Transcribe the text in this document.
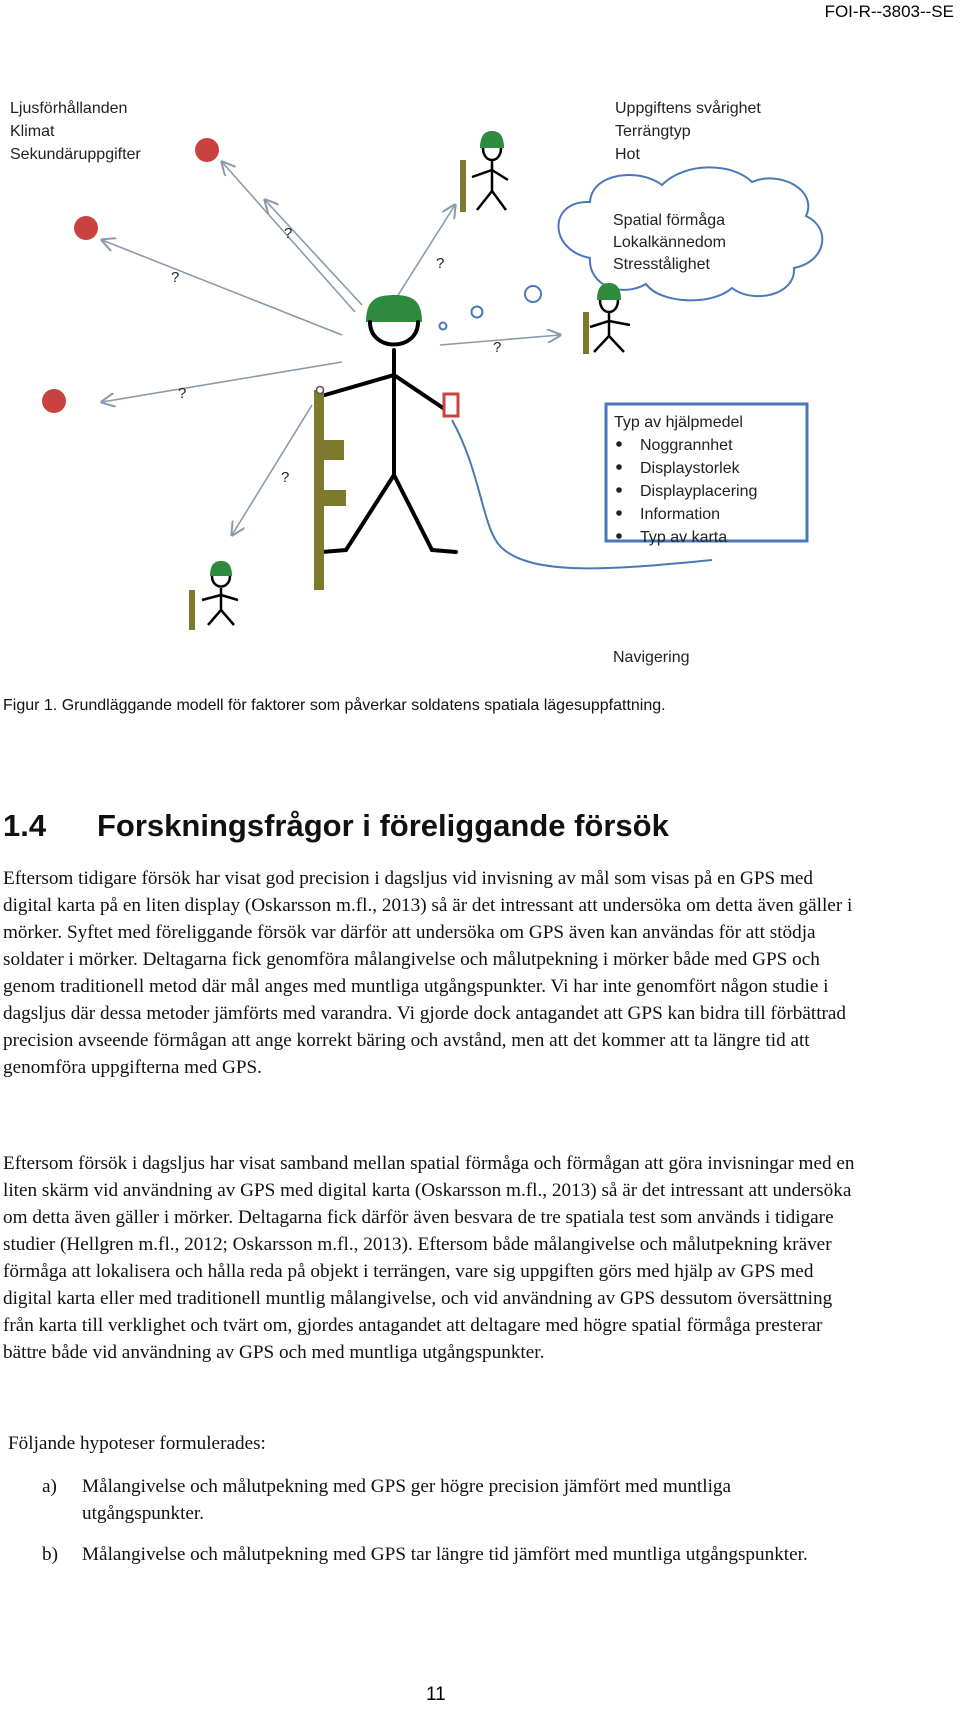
FOI-R--3803--SE
Ljusförhållanden
Klimat
Sekundäruppgifter
Uppgiftens svårighet
Terrängtyp
Hot
Spatial förmåga
Lokalkännedom
Stresstålighet
?
?
?
?
?
?
Typ av hjälpmedel
Noggrannhet
Displaystorlek
Displayplacering
Information
Typ av karta
Navigering
Figur 1. Grundläggande modell för faktorer som påverkar soldatens spatiala lägesuppfattning.
1.4 Forskningsfrågor i föreliggande försök

Eftersom tidigare försök har visat god precision i dagsljus vid invisning av mål som visas på en GPS med digital karta på en liten display (Oskarsson m.fl., 2013) så är det intressant att undersöka om detta även gäller i mörker. Syftet med föreliggande försök var därför att undersöka om GPS även kan användas för att stödja soldater i mörker. Deltagarna fick genomföra målangivelse och målutpekning i mörker både med GPS och genom traditionell metod där mål anges med muntliga utgångspunkter. Vi har inte genomfört någon studie i dagsljus där dessa metoder jämförts med varandra. Vi gjorde dock antagandet att GPS kan bidra till förbättrad precision avseende förmågan att ange korrekt bäring och avstånd, men att det kommer att ta längre tid att genomföra uppgifterna med GPS.

Eftersom försök i dagsljus har visat samband mellan spatial förmåga och förmågan att göra invisningar med en liten skärm vid användning av GPS med digital karta (Oskarsson m.fl., 2013) så är det intressant att undersöka om detta även gäller i mörker. Deltagarna fick därför även besvara de tre spatiala test som används i tidigare studier (Hellgren m.fl., 2012; Oskarsson m.fl., 2013). Eftersom både målangivelse och målutpekning kräver förmåga att lokalisera och hålla reda på objekt i terrängen, vare sig uppgiften görs med hjälp av GPS med digital karta eller med traditionell muntlig målangivelse, och vid användning av GPS dessutom översättning från karta till verklighet och tvärt om, gjordes antagandet att deltagare med högre spatial förmåga presterar bättre både vid användning av GPS och med muntliga utgångspunkter.

Följande hypoteser formulerades:

a) Målangivelse och målutpekning med GPS ger högre precision jämfört med muntliga utgångspunkter.
b) Målangivelse och målutpekning med GPS tar längre tid jämfört med muntliga utgångspunkter.
11
